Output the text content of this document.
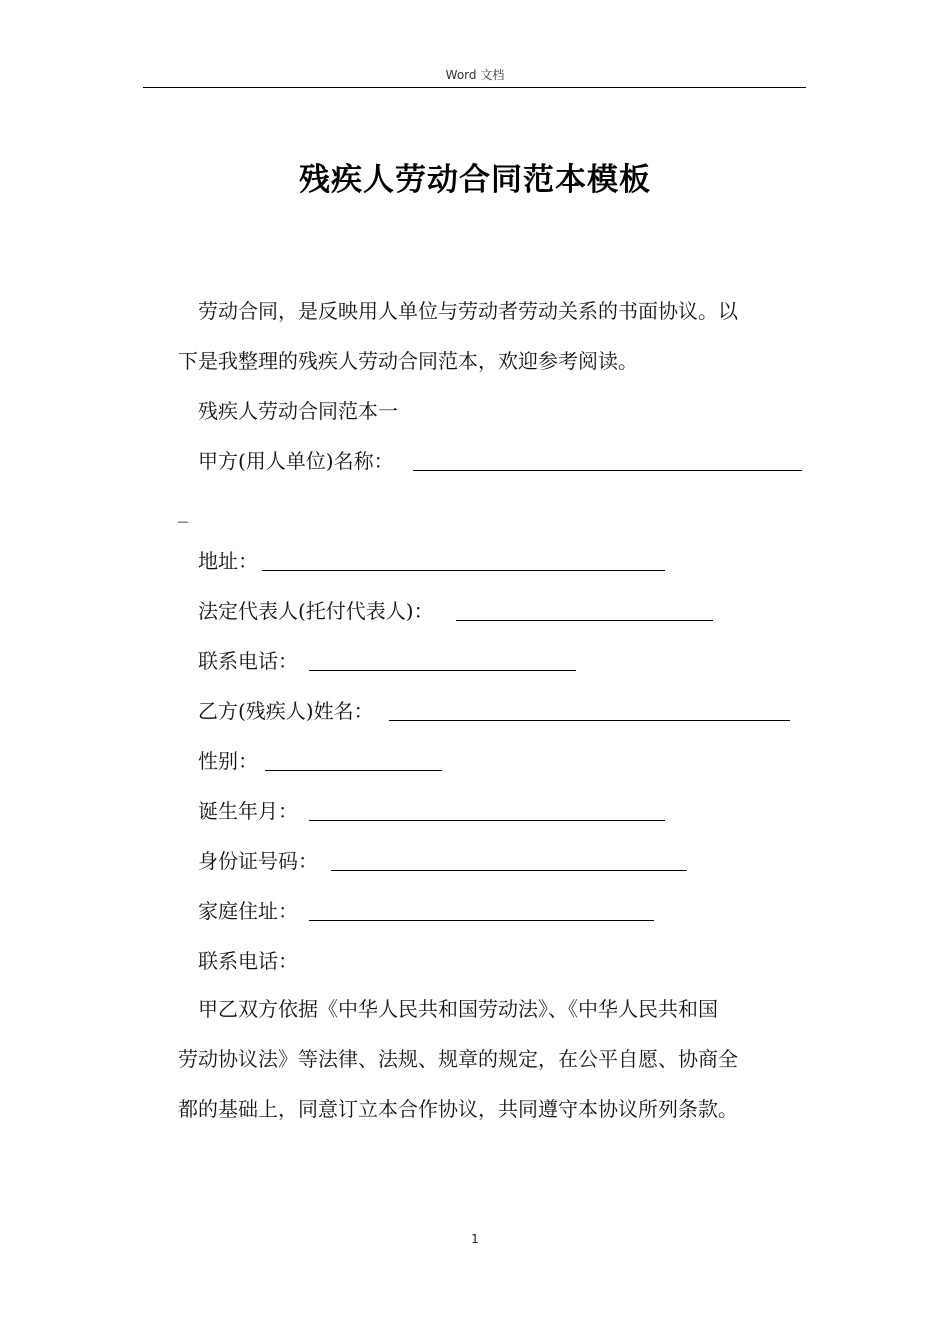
Word 文档
残疾人劳动合同范本模板
劳动合同，是反映用人单位与劳动者劳动关系的书面协议。以
下是我整理的残疾人劳动合同范本，欢迎参考阅读。
残疾人劳动合同范本一
甲方(用人单位)名称：
_
地址：
法定代表人(托付代表人)：
联系电话：
乙方(残疾人)姓名：
性别：
诞生年月：
身份证号码：
家庭住址：
联系电话：
甲乙双方依据《中华人民共和国劳动法》、《中华人民共和国
劳动协议法》等法律、法规、规章的规定，在公平自愿、协商全
都的基础上，同意订立本合作协议，共同遵守本协议所列条款。
1
